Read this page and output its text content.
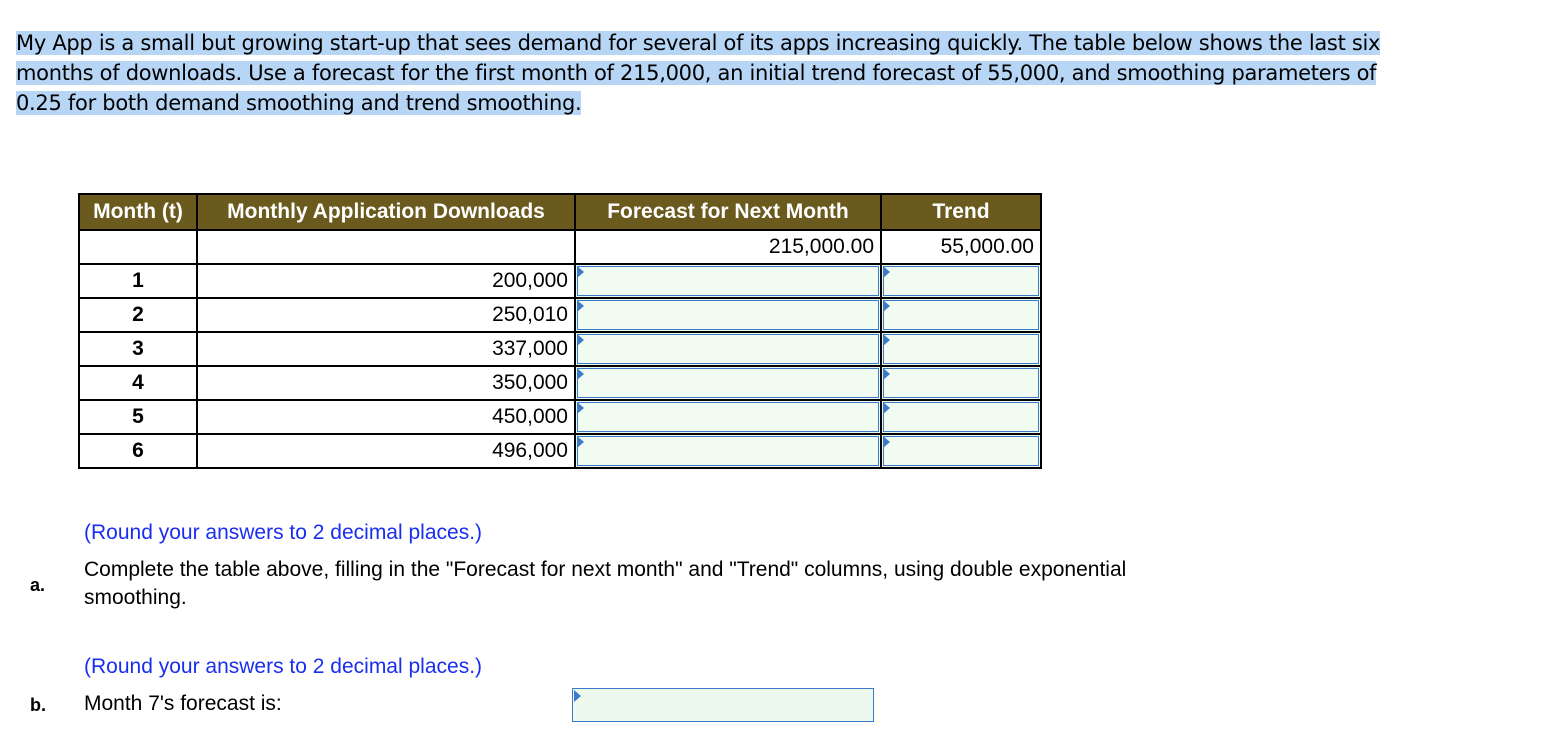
My App is a small but growing start-up that sees demand for several of its apps increasing quickly. The table below shows the last six
months of downloads. Use a forecast for the first month of 215,000, an initial trend forecast of 55,000, and smoothing parameters of
0.25 for both demand smoothing and trend smoothing.
Month (t)	Monthly Application Downloads	Forecast for Next Month	Trend
		215,000.00	55,000.00
1	200,000	

2	250,010	

3	337,000	

4	350,000	

5	450,000	

6	496,000	

(Round your answers to 2 decimal places.)
a.
Complete the table above, filling in the "Forecast for next month" and "Trend" columns, using double exponential smoothing.
(Round your answers to 2 decimal places.)
b. Month 7's forecast is:
